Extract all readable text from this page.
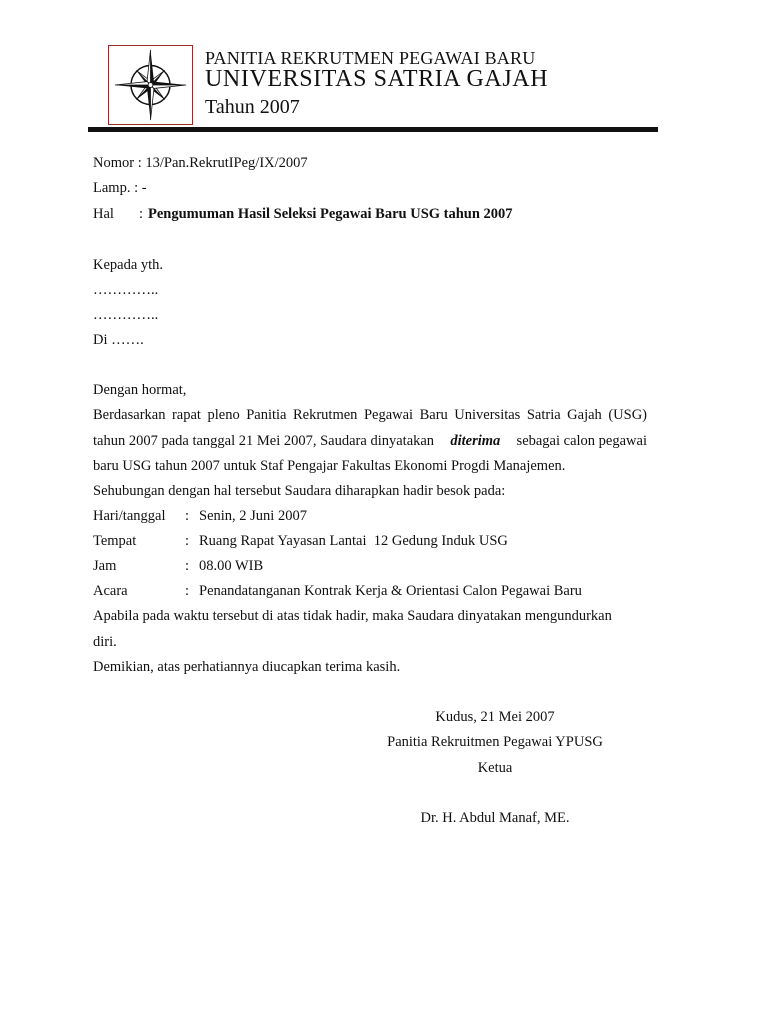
PANITIA REKRUTMEN PEGAWAI BARU
UNIVERSITAS SATRIA GAJAH
Tahun 2007
Nomor : 13/Pan.RekrutIPeg/IX/2007
Lamp. : -
Hal : Pengumuman Hasil Seleksi Pegawai Baru USG tahun 2007
Kepada yth.
…………..
…………..
Di …….
Dengan hormat,
Berdasarkan rapat pleno Panitia Rekrutmen Pegawai Baru Universitas Satria Gajah (USG)
tahun 2007 pada tanggal 21 Mei 2007, Saudara dinyatakan diterima sebagai calon pegawai
baru USG tahun 2007 untuk Staf Pengajar Fakultas Ekonomi Progdi Manajemen.
Sehubungan dengan hal tersebut Saudara diharapkan hadir besok pada:
Hari/tanggal : Senin, 2 Juni 2007
Tempat	: Ruang Rapat Yayasan Lantai  12 Gedung Induk USG
Jam	: 08.00 WIB
Acara	: Penandatanganan Kontrak Kerja & Orientasi Calon Pegawai Baru
Apabila pada waktu tersebut di atas tidak hadir, maka Saudara dinyatakan mengundurkan
diri.
Demikian, atas perhatiannya diucapkan terima kasih.
Kudus, 21 Mei 2007
Panitia Rekruitmen Pegawai YPUSG
Ketua
Dr. H. Abdul Manaf, ME.
